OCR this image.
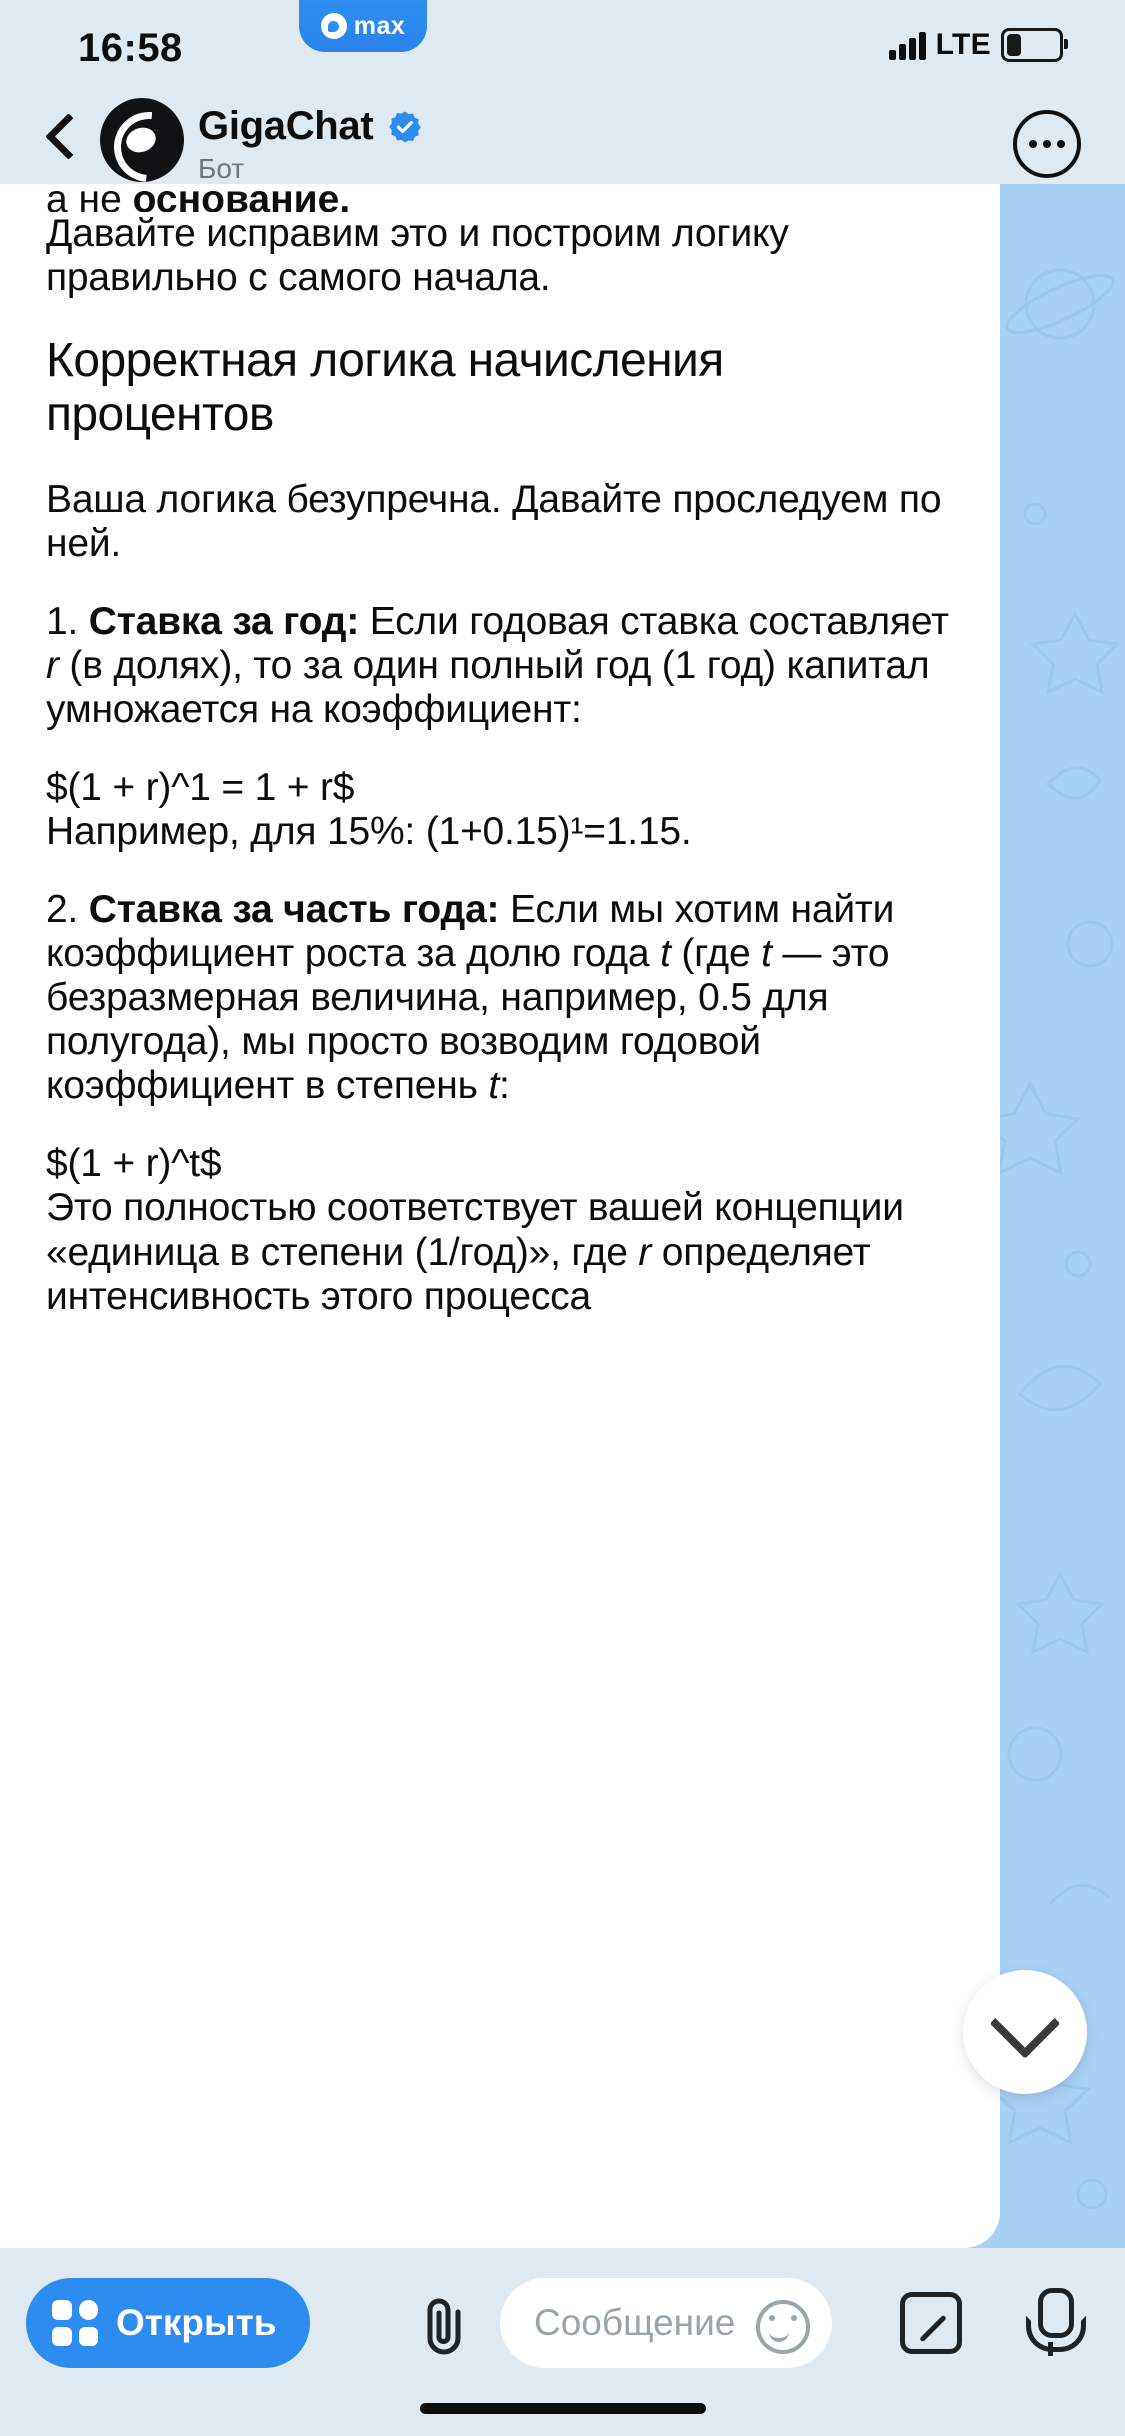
16:58
max
LTE
GigaChat
Бот
а не основание.

Давайте исправим это и построим логику правильно с самого начала.

Корректная логика начисления процентов

Ваша логика безупречна. Давайте проследуем по ней.

1. Ставка за год: Если годовая ставка составляет r (в долях), то за один полный год (1 год) капитал умножается на коэффициент:

$(1 + r)^1 = 1 + r$

Например, для 15%: (1+0.15)¹=1.15.

2. Ставка за часть года: Если мы хотим найти коэффициент роста за долю года t (где t — это безразмерная величина, например, 0.5 для полугода), мы просто возводим годовой коэффициент в степень t:

$(1 + r)^t$

Это полностью соответствует вашей концепции «единица в степени (1/год)», где r определяет

интенсивность этого процесса

Открыть	Сообщение
